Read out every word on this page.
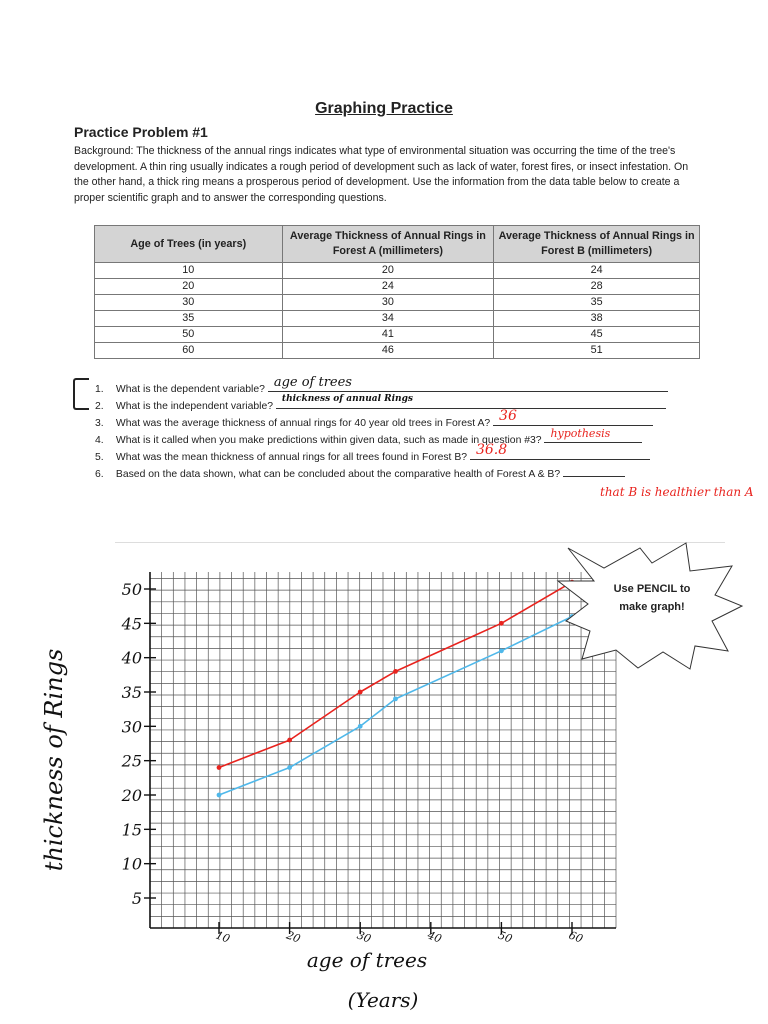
Graphing Practice
Practice Problem #1
Background: The thickness of the annual rings indicates what type of environmental situation was occurring the time of the tree's development. A thin ring usually indicates a rough period of development such as lack of water, forest fires, or insect infestation. On the other hand, a thick ring means a prosperous period of development. Use the information from the data table below to create a proper scientific graph and to answer the corresponding questions.
Age of Trees (in years)	Average Thickness of Annual Rings in Forest A (millimeters)	Average Thickness of Annual Rings in Forest B (millimeters)
10	20	24
20	24	28
30	30	35
35	34	38
50	41	45
60	46	51
1. What is the dependent variable? age of trees
2. What is the independent variable?
thickness of annual Rings
3. What was the average thickness of annual rings for 40 year old trees in Forest A? 36
4. What is it called when you make predictions within given data, such as made in question #3?
hypothesis
5. What was the mean thickness of annual rings for all trees found in Forest B? 36.8
6. Based on the data shown, what can be concluded about the comparative health of Forest A & B?
that B is healthier than A
50
45
40
35
30
25
20
15
10
5
10	20	30	40	50	60
age of trees
(Years)
thickness of Rings
Use PENCIL to
make graph!
